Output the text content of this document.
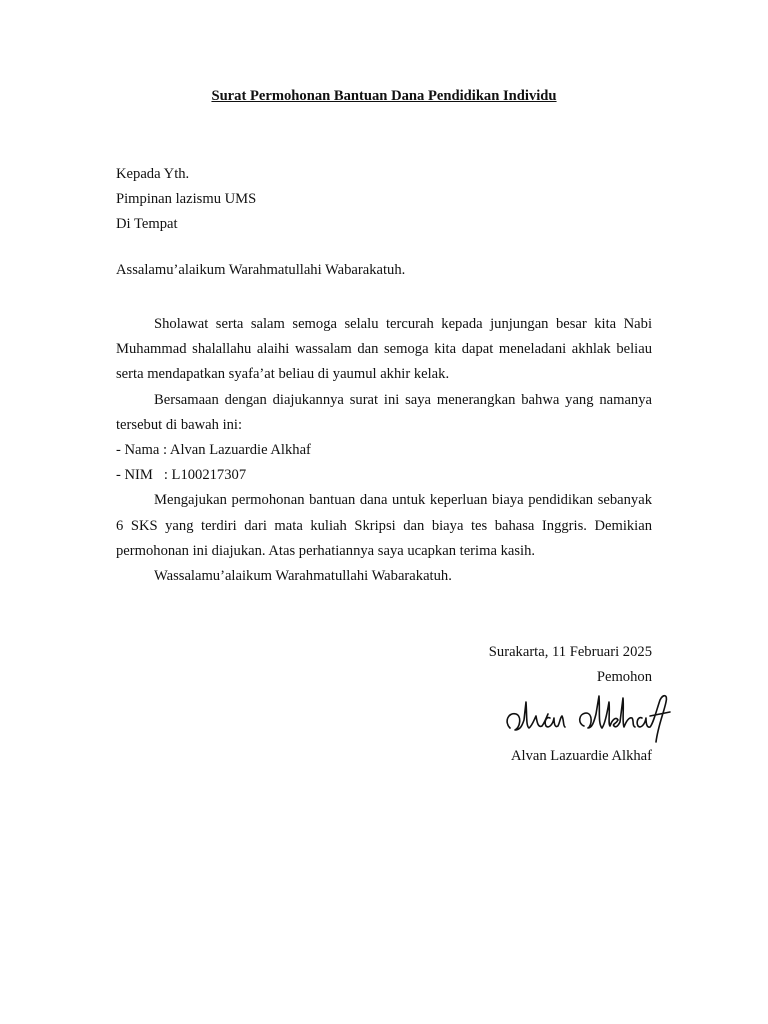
Surat Permohonan Bantuan Dana Pendidikan Individu
Kepada Yth.
Pimpinan lazismu UMS
Di Tempat
Assalamu’alaikum Warahmatullahi Wabarakatuh.

Sholawat serta salam semoga selalu tercurah kepada junjungan besar kita Nabi Muhammad shalallahu alaihi wassalam dan semoga kita dapat meneladani akhlak beliau serta mendapatkan syafa’at beliau di yaumul akhir kelak.

Bersamaan dengan diajukannya surat ini saya menerangkan bahwa yang namanya tersebut di bawah ini:

- Nama : Alvan Lazuardie Alkhaf

- NIM   : L100217307

Mengajukan permohonan bantuan dana untuk keperluan biaya pendidikan sebanyak 6 SKS yang terdiri dari mata kuliah Skripsi dan biaya tes bahasa Inggris. Demikian permohonan ini diajukan. Atas perhatiannya saya ucapkan terima kasih.

Wassalamu’alaikum Warahmatullahi Wabarakatuh.

Surakarta, 11 Februari 2025
Pemohon
Alvan Lazuardie Alkhaf
